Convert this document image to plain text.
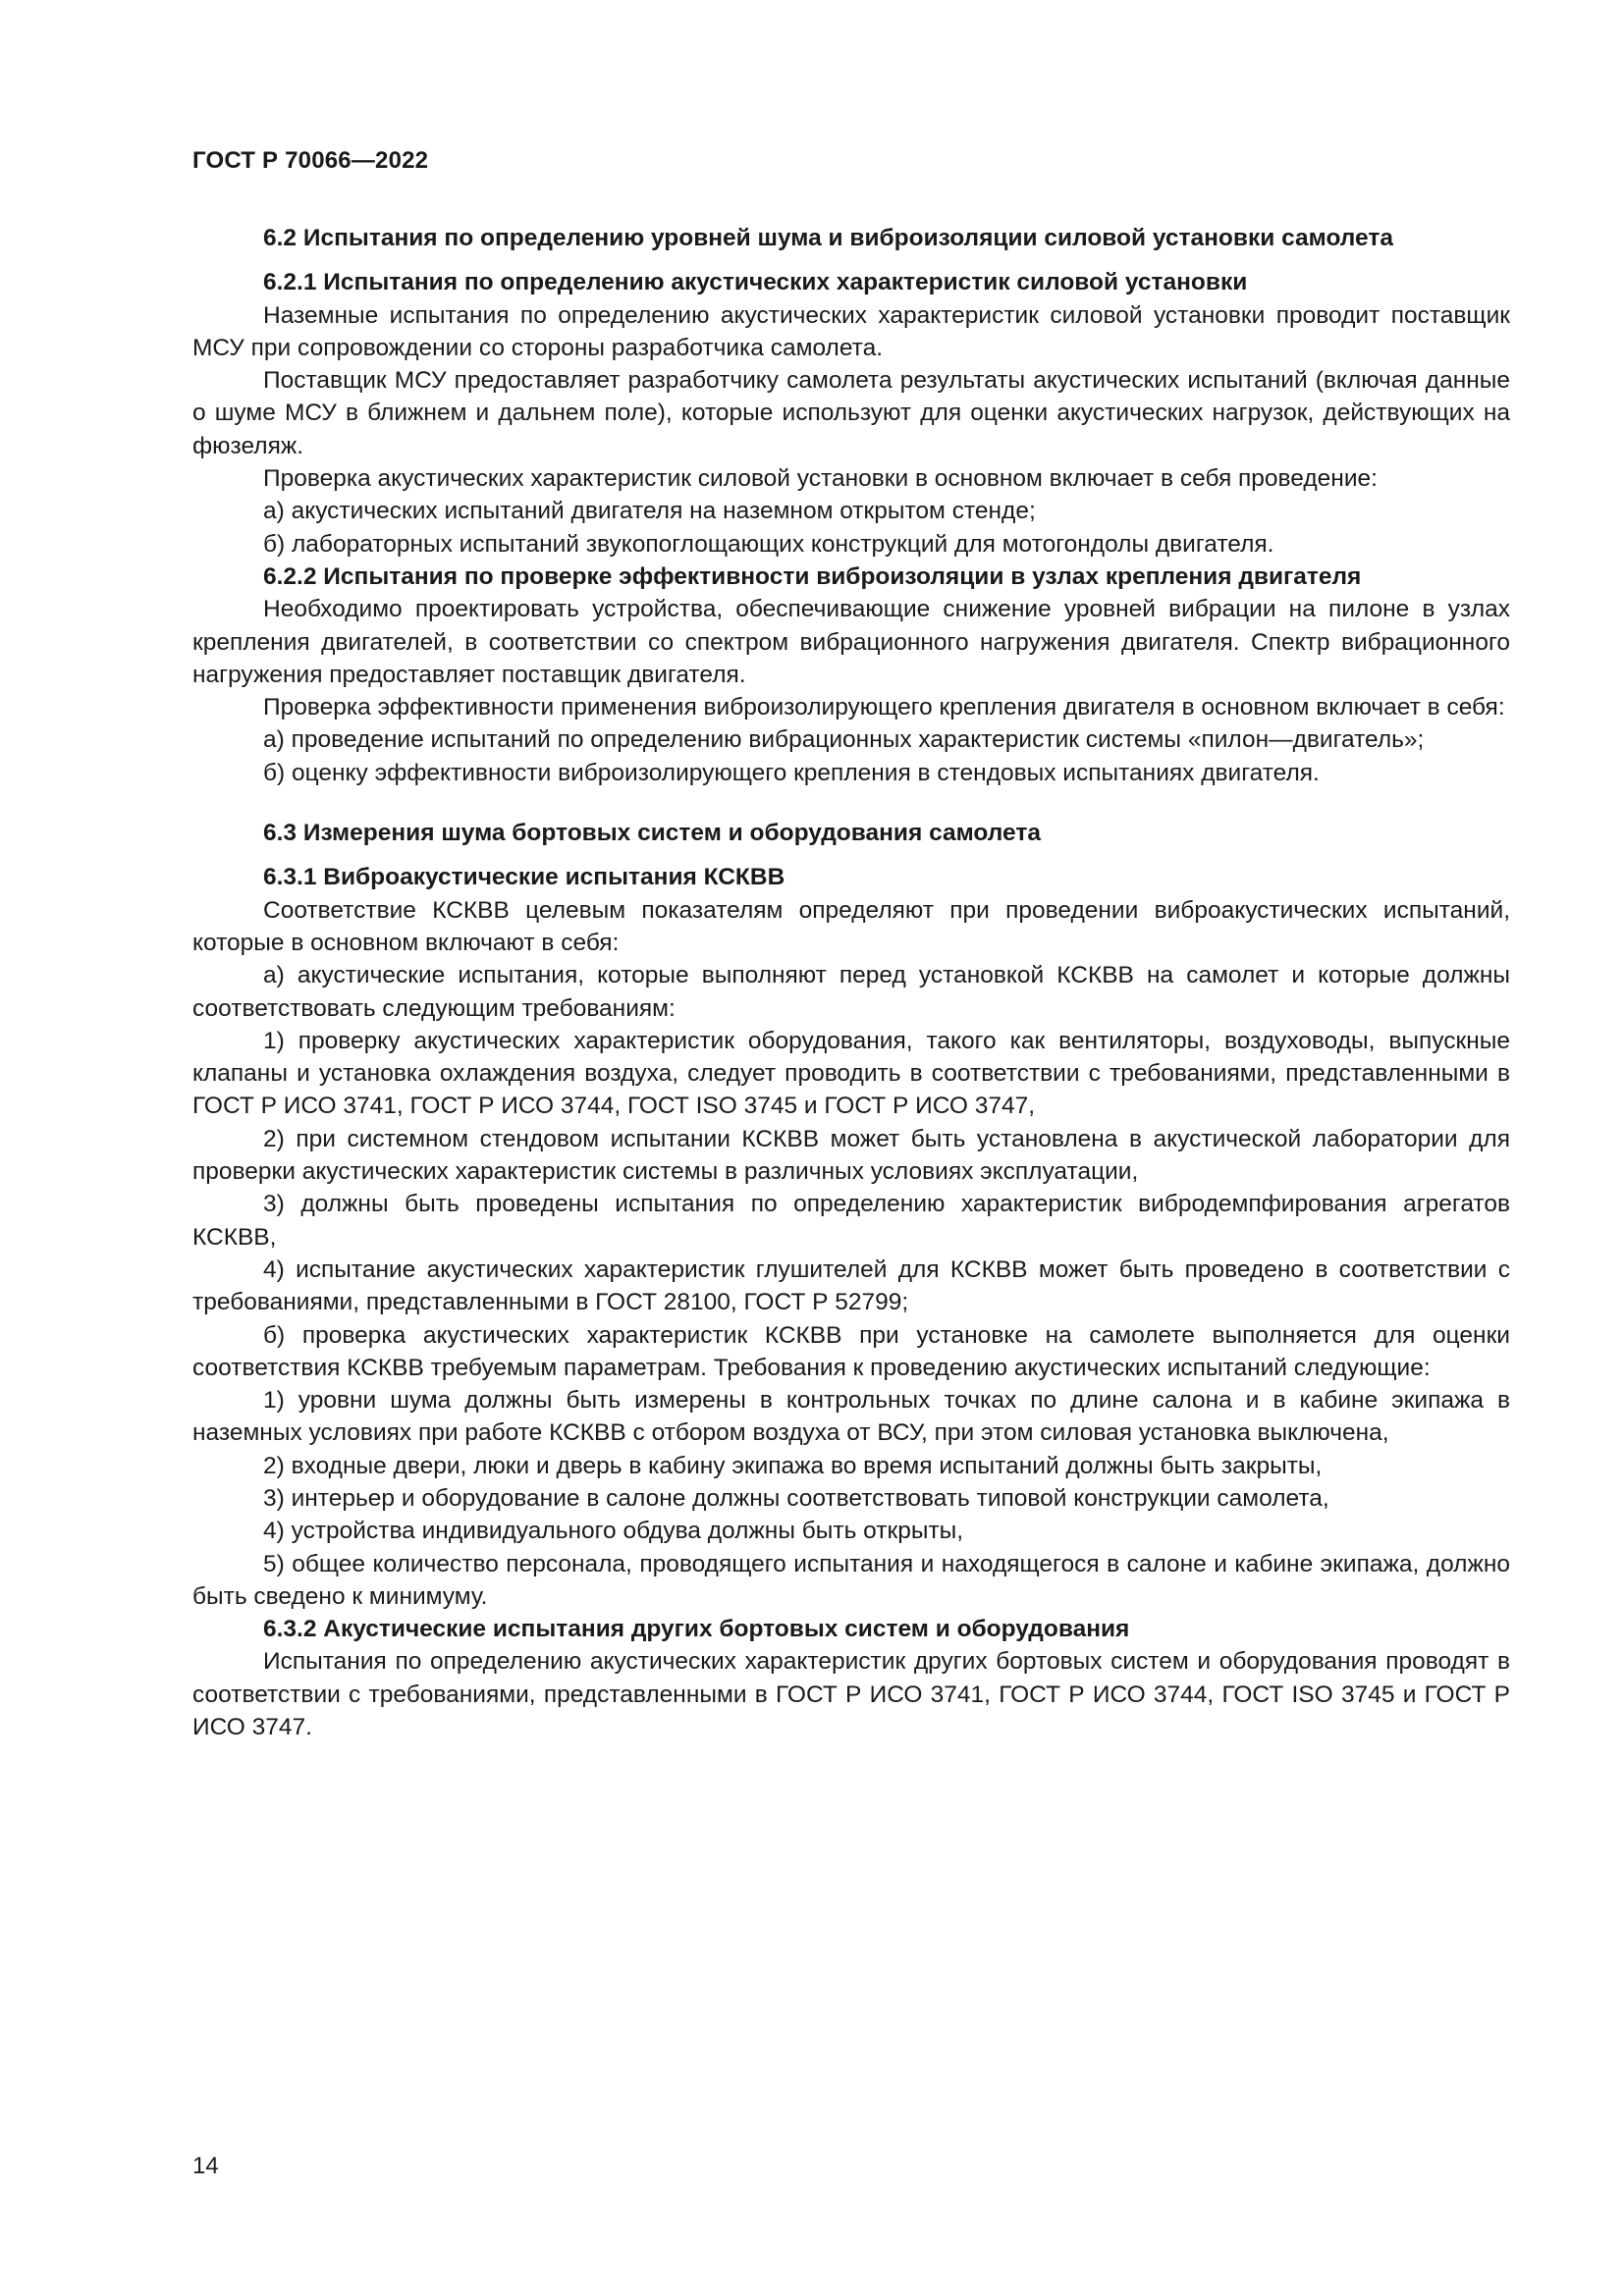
ГОСТ Р 70066—2022
6.2 Испытания по определению уровней шума и виброизоляции силовой установки самолета
6.2.1 Испытания по определению акустических характеристик силовой установки

Наземные испытания по определению акустических характеристик силовой установки проводит поставщик МСУ при сопровождении со стороны разработчика самолета.

Поставщик МСУ предоставляет разработчику самолета результаты акустических испытаний (включая данные о шуме МСУ в ближнем и дальнем поле), которые используют для оценки акустических нагрузок, действующих на фюзеляж.

Проверка акустических характеристик силовой установки в основном включает в себя проведение:

а) акустических испытаний двигателя на наземном открытом стенде;

б) лабораторных испытаний звукопоглощающих конструкций для мотогондолы двигателя.

6.2.2 Испытания по проверке эффективности виброизоляции в узлах крепления двигателя

Необходимо проектировать устройства, обеспечивающие снижение уровней вибрации на пилоне в узлах крепления двигателей, в соответствии со спектром вибрационного нагружения двигателя. Спектр вибрационного нагружения предоставляет поставщик двигателя.

Проверка эффективности применения виброизолирующего крепления двигателя в основном включает в себя:

а) проведение испытаний по определению вибрационных характеристик системы «пилон—двигатель»;

б) оценку эффективности виброизолирующего крепления в стендовых испытаниях двигателя.

6.3 Измерения шума бортовых систем и оборудования самолета
6.3.1 Виброакустические испытания КСКВВ

Соответствие КСКВВ целевым показателям определяют при проведении виброакустических испытаний, которые в основном включают в себя:

а) акустические испытания, которые выполняют перед установкой КСКВВ на самолет и которые должны соответствовать следующим требованиям:

1) проверку акустических характеристик оборудования, такого как вентиляторы, воздуховоды, выпускные клапаны и установка охлаждения воздуха, следует проводить в соответствии с требованиями, представленными в ГОСТ Р ИСО 3741, ГОСТ Р ИСО 3744, ГОСТ ISO 3745 и ГОСТ Р ИСО 3747,

2) при системном стендовом испытании КСКВВ может быть установлена в акустической лаборатории для проверки акустических характеристик системы в различных условиях эксплуатации,

3) должны быть проведены испытания по определению характеристик вибродемпфирования агрегатов КСКВВ,

4) испытание акустических характеристик глушителей для КСКВВ может быть проведено в соответствии с требованиями, представленными в ГОСТ 28100, ГОСТ Р 52799;

б) проверка акустических характеристик КСКВВ при установке на самолете выполняется для оценки соответствия КСКВВ требуемым параметрам. Требования к проведению акустических испытаний следующие:

1) уровни шума должны быть измерены в контрольных точках по длине салона и в кабине экипажа в наземных условиях при работе КСКВВ с отбором воздуха от ВСУ, при этом силовая установка выключена,

2) входные двери, люки и дверь в кабину экипажа во время испытаний должны быть закрыты,

3) интерьер и оборудование в салоне должны соответствовать типовой конструкции самолета,

4) устройства индивидуального обдува должны быть открыты,

5) общее количество персонала, проводящего испытания и находящегося в салоне и кабине экипажа, должно быть сведено к минимуму.

6.3.2 Акустические испытания других бортовых систем и оборудования

Испытания по определению акустических характеристик других бортовых систем и оборудования проводят в соответствии с требованиями, представленными в ГОСТ Р ИСО 3741, ГОСТ Р ИСО 3744, ГОСТ ISO 3745 и ГОСТ Р ИСО 3747.

14
